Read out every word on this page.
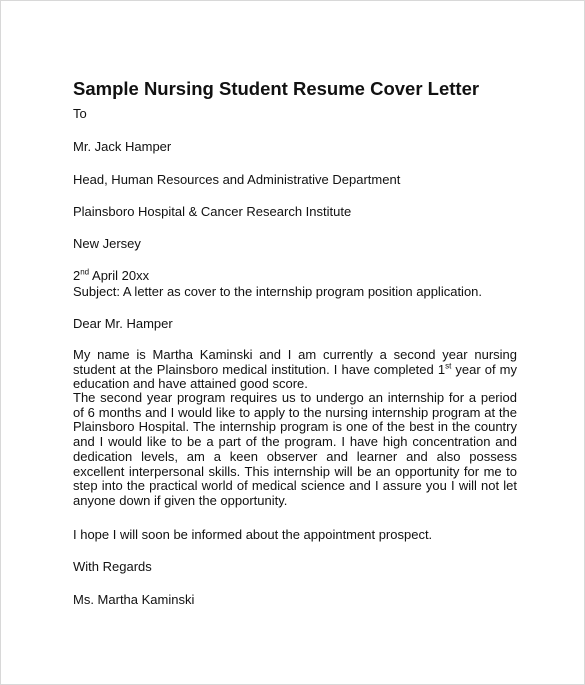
Sample Nursing Student Resume Cover Letter
To
Mr. Jack Hamper
Head, Human Resources and Administrative Department
Plainsboro Hospital & Cancer Research Institute
New Jersey
2nd April 20xx
Subject: A letter as cover to the internship program position application.
Dear Mr. Hamper

My name is Martha Kaminski and I am currently a second year nursing student at the Plainsboro medical institution. I have completed 1st year of my education and have attained good score.

The second year program requires us to undergo an internship for a period of 6 months and I would like to apply to the nursing internship program at the Plainsboro Hospital. The internship program is one of the best in the country and I would like to be a part of the program. I have high concentration and dedication levels, am a keen observer and learner and also possess excellent interpersonal skills. This internship will be an opportunity for me to step into the practical world of medical science and I assure you I will not let anyone down if given the opportunity.

I hope I will soon be informed about the appointment prospect.
With Regards
Ms. Martha Kaminski
